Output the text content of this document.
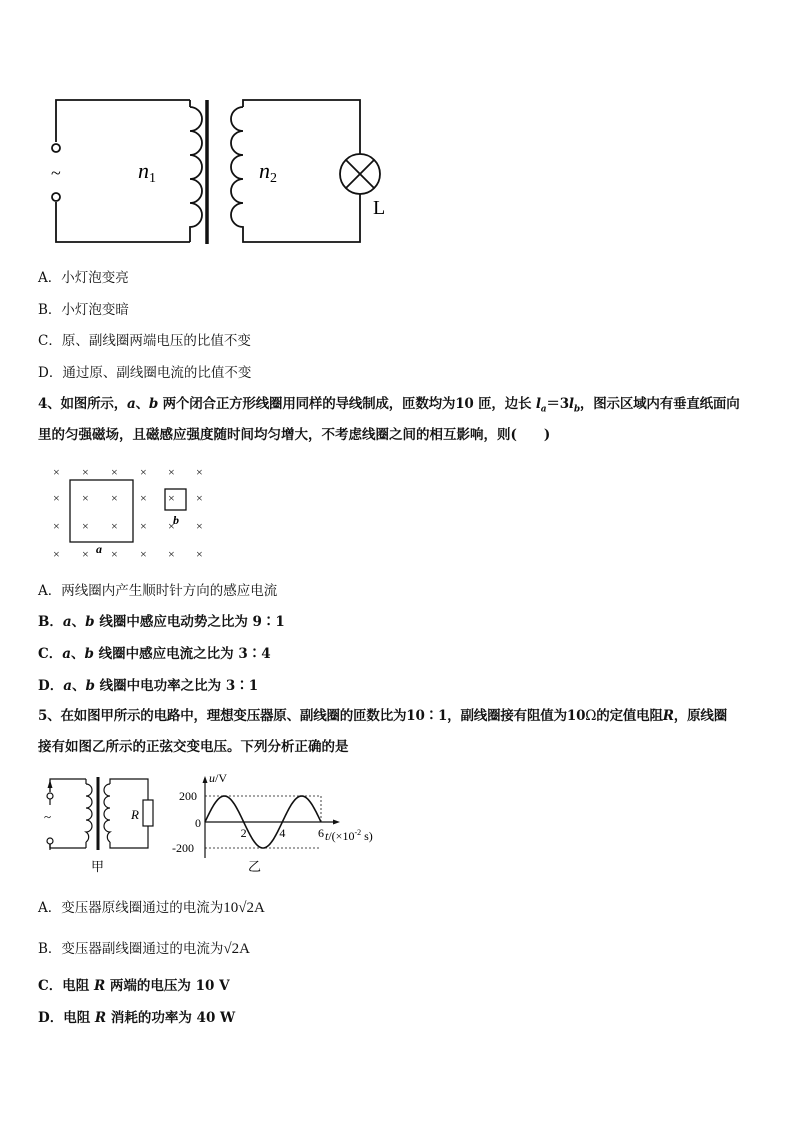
~	n1	n2
L
A．小灯泡变亮
B．小灯泡变暗
C．原、副线圈两端电压的比值不变
D．通过原、副线圈电流的比值不变
4、如图所示，a、b 两个闭合正方形线圈用同样的导线制成，匝数均为10 匝，边长 $l_a=3l_b$，图示区域内有垂直纸面向
里的匀强磁场，且磁感应强度随时间均匀增大，不考虑线圈之间的相互影响，则(　　)
× × × × × ×
× × × × × ×
× × × × × ×
× × × × × ×
a
b
A．两线圈内产生顺时针方向的感应电流
B．a、b 线圈中感应电动势之比为 9∶1
C．a、b 线圈中感应电流之比为 3∶4
D．a、b 线圈中电功率之比为 3∶1
5、在如图甲所示的电路中，理想变压器原、副线圈的匝数比为10∶1，副线圈接有阻值为10Ω的定值电阻R，原线圈
接有如图乙所示的正弦交变电压。下列分析正确的是
~	R
甲
2	4	6
200
-200
0
u/V
$t/(\times 10^{-2}$ s)
乙
A．变压器原线圈通过的电流为10√2A
B．变压器副线圈通过的电流为√2A
C．电阻 R 两端的电压为 10 V
D．电阻 R 消耗的功率为 40 W
